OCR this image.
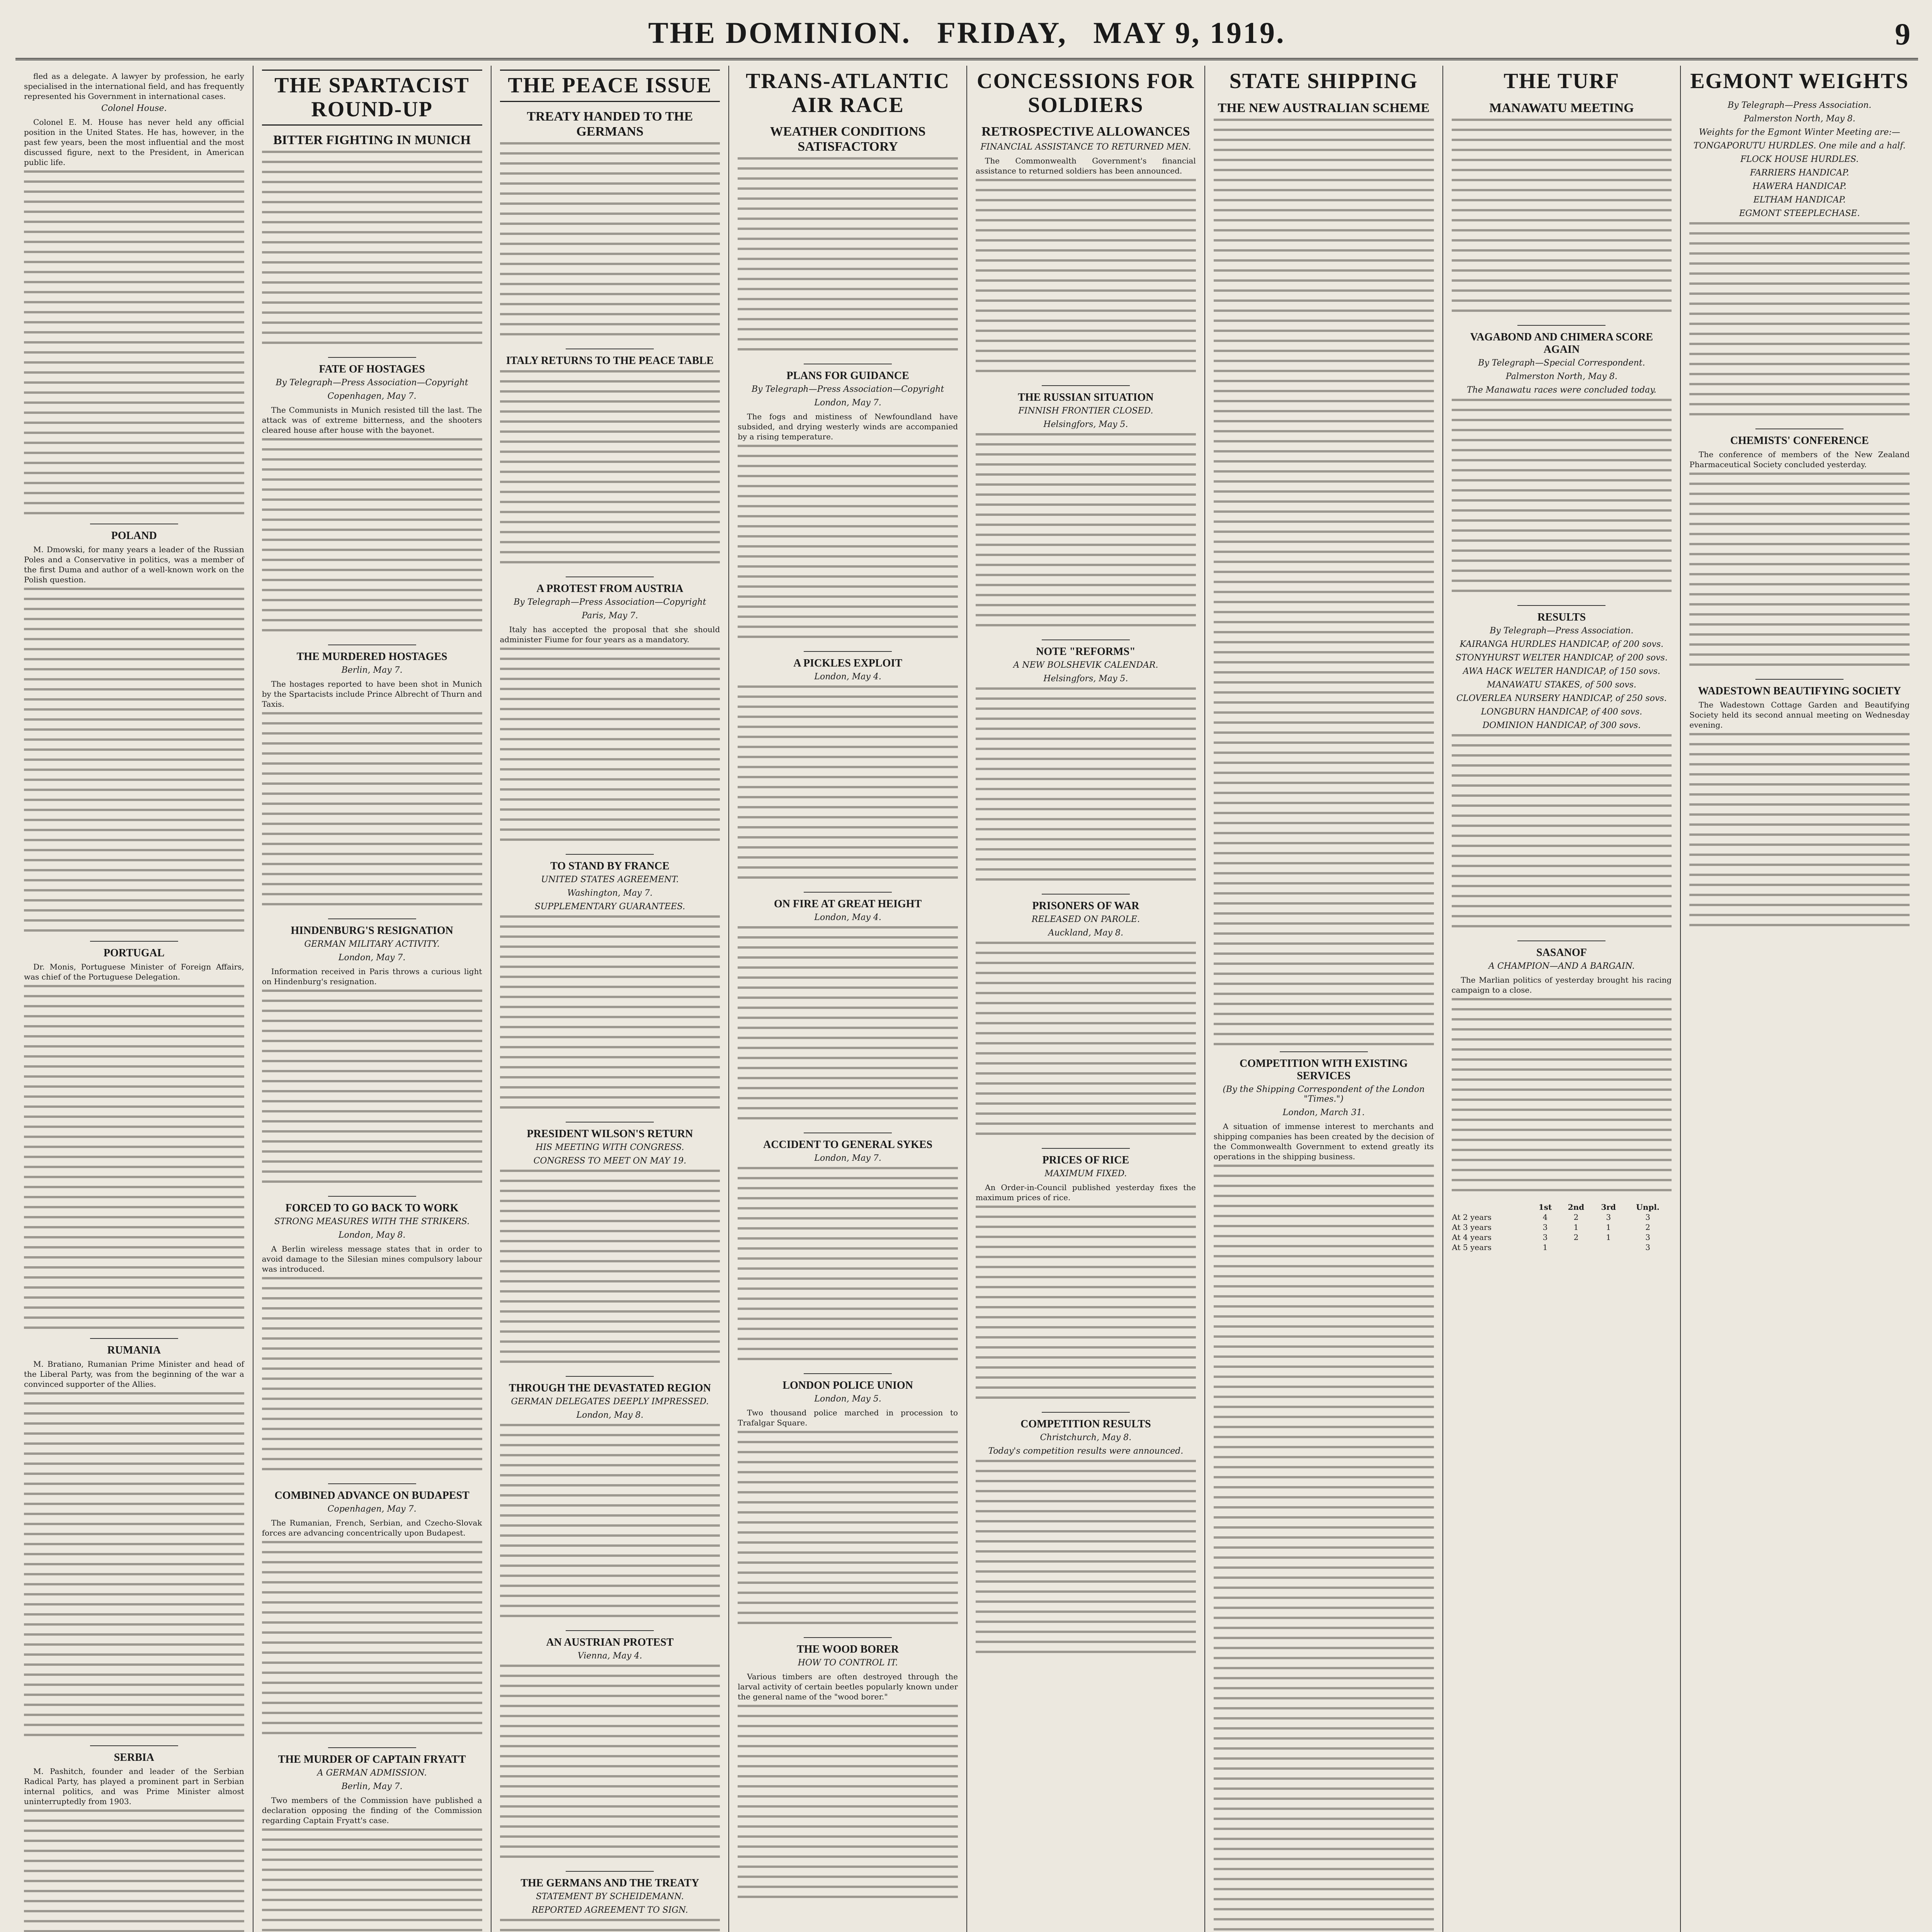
THE DOMINION. FRIDAY, MAY 9, 1919.	9

fled as a delegate. A lawyer by profession, he early specialised in the international field, and has frequently represented his Government in international cases.

Colonel House.

Colonel E. M. House has never held any official position in the United States. He has, however, in the past few years, been the most influential and the most discussed figure, next to the President, in American public life.

POLAND

M. Dmowski, for many years a leader of the Russian Poles and a Conservative in politics, was a member of the first Duma and author of a well-known work on the Polish question.

PORTUGAL

Dr. Monis, Portuguese Minister of Foreign Affairs, was chief of the Portuguese Delegation.

RUMANIA

M. Bratiano, Rumanian Prime Minister and head of the Liberal Party, was from the beginning of the war a convinced supporter of the Allies.

SERBIA

M. Pashitch, founder and leader of the Serbian Radical Party, has played a prominent part in Serbian internal politics, and was Prime Minister almost uninterruptedly from 1903.

THE SPARTACIST ROUND-UP
BITTER FIGHTING IN MUNICH
FATE OF HOSTAGES

By Telegraph—Press Association—Copyright

Copenhagen, May 7.

The Communists in Munich resisted till the last. The attack was of extreme bitterness, and the shooters cleared house after house with the bayonet.

THE MURDERED HOSTAGES

Berlin, May 7.

The hostages reported to have been shot in Munich by the Spartacists include Prince Albrecht of Thurn and Taxis.

HINDENBURG'S RESIGNATION

GERMAN MILITARY ACTIVITY.

London, May 7.

Information received in Paris throws a curious light on Hindenburg's resignation.

FORCED TO GO BACK TO WORK

STRONG MEASURES WITH THE STRIKERS.

London, May 8.

A Berlin wireless message states that in order to avoid damage to the Silesian mines compulsory labour was introduced.

COMBINED ADVANCE ON BUDAPEST

Copenhagen, May 7.

The Rumanian, French, Serbian, and Czecho-Slovak forces are advancing concentrically upon Budapest.

THE MURDER OF CAPTAIN FRYATT

A GERMAN ADMISSION.

Berlin, May 7.

Two members of the Commission have published a declaration opposing the finding of the Commission regarding Captain Fryatt's case.

THE PEACE ISSUE
TREATY HANDED TO THE GERMANS
ITALY RETURNS TO THE PEACE TABLE
A PROTEST FROM AUSTRIA

By Telegraph—Press Association—Copyright

Paris, May 7.

Italy has accepted the proposal that she should administer Fiume for four years as a mandatory.

TO STAND BY FRANCE

UNITED STATES AGREEMENT.

Washington, May 7.

SUPPLEMENTARY GUARANTEES.

PRESIDENT WILSON'S RETURN

HIS MEETING WITH CONGRESS.

CONGRESS TO MEET ON MAY 19.

THROUGH THE DEVASTATED REGION

GERMAN DELEGATES DEEPLY IMPRESSED.

London, May 8.

AN AUSTRIAN PROTEST

Vienna, May 4.

THE GERMANS AND THE TREATY

STATEMENT BY SCHEIDEMANN.

REPORTED AGREEMENT TO SIGN.

TRANS-ATLANTIC AIR RACE
WEATHER CONDITIONS SATISFACTORY
PLANS FOR GUIDANCE

By Telegraph—Press Association—Copyright

London, May 7.

The fogs and mistiness of Newfoundland have subsided, and drying westerly winds are accompanied by a rising temperature.

A PICKLES EXPLOIT

London, May 4.

ON FIRE AT GREAT HEIGHT

London, May 4.

ACCIDENT TO GENERAL SYKES

London, May 7.

LONDON POLICE UNION

London, May 5.

Two thousand police marched in procession to Trafalgar Square.

THE WOOD BORER

HOW TO CONTROL IT.

Various timbers are often destroyed through the larval activity of certain beetles popularly known under the general name of the "wood borer."

CONCESSIONS FOR SOLDIERS
RETROSPECTIVE ALLOWANCES

FINANCIAL ASSISTANCE TO RETURNED MEN.

The Commonwealth Government's financial assistance to returned soldiers has been announced.

THE RUSSIAN SITUATION

FINNISH FRONTIER CLOSED.

Helsingfors, May 5.

NOTE "REFORMS"

A NEW BOLSHEVIK CALENDAR.

Helsingfors, May 5.

PRISONERS OF WAR

RELEASED ON PAROLE.

Auckland, May 8.

PRICES OF RICE

MAXIMUM FIXED.

An Order-in-Council published yesterday fixes the maximum prices of rice.

COMPETITION RESULTS

Christchurch, May 8.

Today's competition results were announced.

STATE SHIPPING
THE NEW AUSTRALIAN SCHEME
COMPETITION WITH EXISTING SERVICES

(By the Shipping Correspondent of the London "Times.")

London, March 31.

A situation of immense interest to merchants and shipping companies has been created by the decision of the Commonwealth Government to extend greatly its operations in the shipping business.

THE TURF
MANAWATU MEETING
VAGABOND AND CHIMERA SCORE AGAIN

By Telegraph—Special Correspondent.

Palmerston North, May 8.

The Manawatu races were concluded today.

RESULTS

By Telegraph—Press Association.

KAIRANGA HURDLES HANDICAP, of 200 sovs.

STONYHURST WELTER HANDICAP, of 200 sovs.

AWA HACK WELTER HANDICAP, of 150 sovs.

MANAWATU STAKES, of 500 sovs.

CLOVERLEA NURSERY HANDICAP, of 250 sovs.

LONGBURN HANDICAP, of 400 sovs.

DOMINION HANDICAP, of 300 sovs.

SASANOF

A CHAMPION—AND A BARGAIN.

The Marlian politics of yesterday brought his racing campaign to a close.

	1st	2nd	3rd	Unpl.
At 2 years	4	2	3	3
At 3 years	3	1	1	2
At 4 years	3	2	1	3
At 5 years	1			3
EGMONT WEIGHTS

By Telegraph—Press Association.

Palmerston North, May 8.

Weights for the Egmont Winter Meeting are:—

TONGAPORUTU HURDLES. One mile and a half.

FLOCK HOUSE HURDLES.

FARRIERS HANDICAP.

HAWERA HANDICAP.

ELTHAM HANDICAP.

EGMONT STEEPLECHASE.

CHEMISTS' CONFERENCE

The conference of members of the New Zealand Pharmaceutical Society concluded yesterday.

WADESTOWN BEAUTIFYING SOCIETY

The Wadestown Cottage Garden and Beautifying Society held its second annual meeting on Wednesday evening.
